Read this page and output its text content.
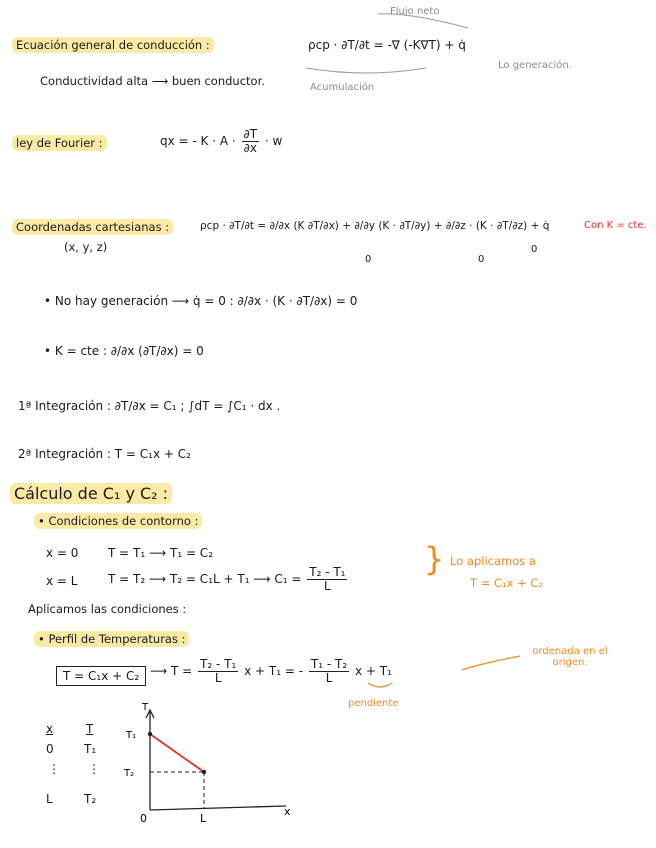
Ecuación general de conducción :
Flujo neto
ρcp · ∂T/∂t = -∇ (-K∇T) + q̇
Lo generación.
Acumulación
Conductividad alta ⟶ buen conductor.
ley de Fourier :	qx = - $K \cdot A \cdot \frac{\partial T}{\partial x} \cdot w$
Coordenadas cartesianas :
(x, y, z)
ρcp · ∂T/∂t = ∂/∂x (K ∂T/∂x) + ∂/∂y (K · ∂T/∂y) + ∂/∂z · (K · ∂T/∂z) + q̇
0	0
0
Con K = cte.
• No hay generación ⟶ q̇ = 0 : ∂/∂x · (K · ∂T/∂x) = 0
• K = cte : ∂/∂x (∂T/∂x) = 0
1ª Integración : ∂T/∂x = C₁ ; ∫dT = ∫C₁ · dx .
2ª Integración : T = C₁x + C₂
Cálculo de C₁ y C₂ :
• Condiciones de contorno :
x = 0 T = T₁ ⟶ T₁ = C₂
x = L	T = T₂ ⟶ T₂ = C₁L + T₁ ⟶ $C_1 = \frac{\text{T₂ - T₁}}{L}$
} Lo aplicamos a
T = C₁x + C₂
Aplicamos las condiciones :
• Perfil de Temperaturas :
T = C₁x + C₂ ⟶ $T = \frac{\text{T₂ - T₁}}{L}$ x + T₁ = - $\frac{\text{T₁ - T₂}}{L}$ x + T₁
pendiente
ordenada en el origen.
x	T
0	T₁
⋮ ⋮
L	T₂
T
x
0	L
T₁
T₂
